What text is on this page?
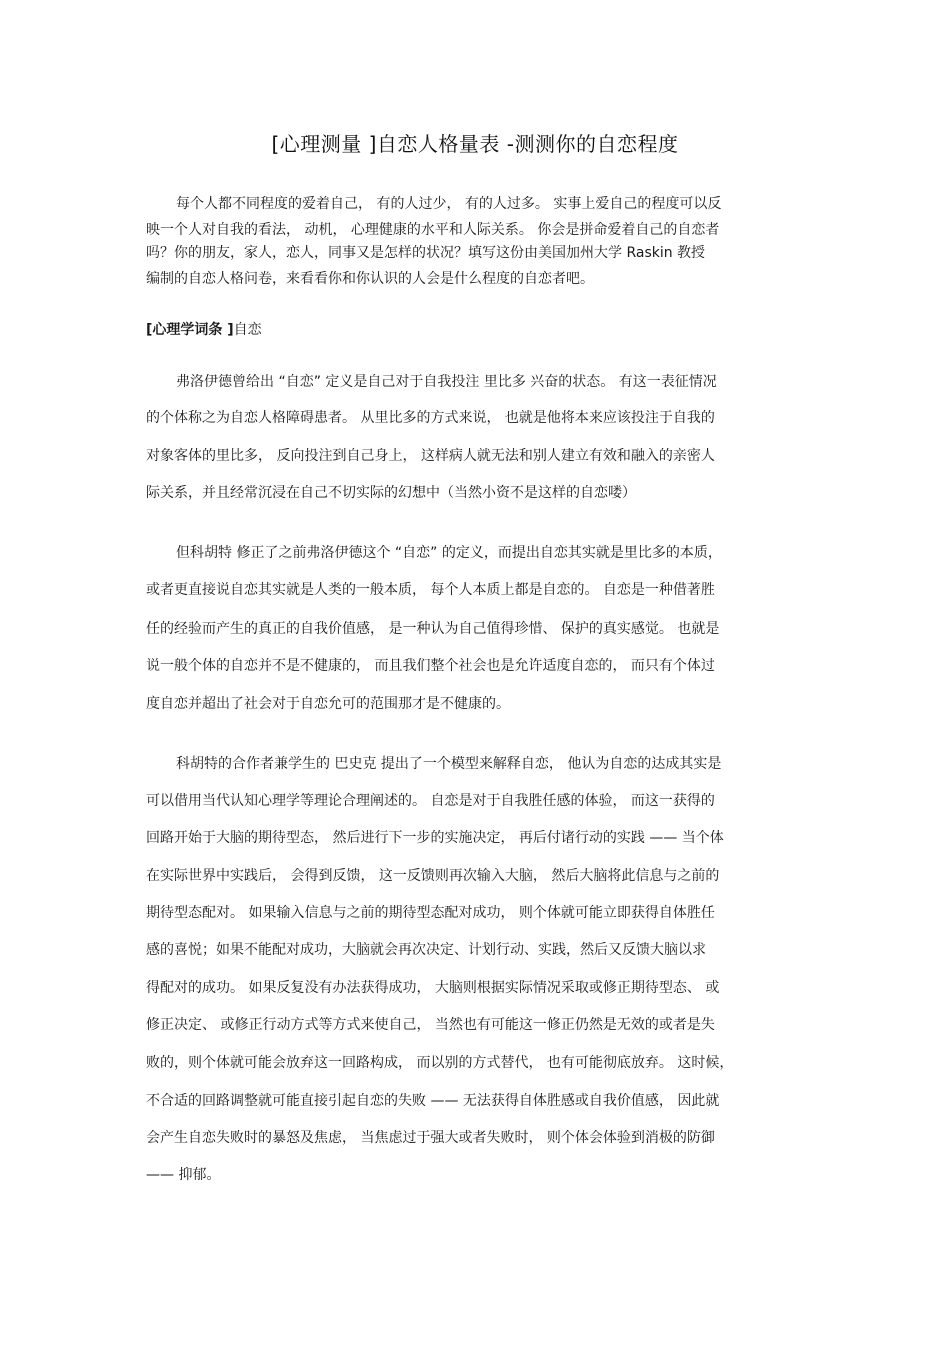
[心理测量 ]自恋人格量表 -测测你的自恋程度
每个人都不同程度的爱着自己， 有的人过少， 有的人过多。 实事上爱自己的程度可以反
映一个人对自我的看法， 动机， 心理健康的水平和人际关系。 你会是拼命爱着自己的自恋者
吗？你的朋友，家人，恋人，同事又是怎样的状况？填写这份由美国加州大学 Raskin 教授
编制的自恋人格问卷，来看看你和你认识的人会是什么程度的自恋者吧。
[心理学词条 ]自恋
弗洛伊德曾给出 “自恋” 定义是自己对于自我投注 里比多 兴奋的状态。 有这一表征情况
的个体称之为自恋人格障碍患者。 从里比多的方式来说， 也就是他将本来应该投注于自我的
对象客体的里比多， 反向投注到自己身上， 这样病人就无法和别人建立有效和融入的亲密人
际关系，并且经常沉浸在自己不切实际的幻想中（当然小资不是这样的自恋喽）
但科胡特 修正了之前弗洛伊德这个 “自恋” 的定义，而提出自恋其实就是里比多的本质，
或者更直接说自恋其实就是人类的一般本质， 每个人本质上都是自恋的。 自恋是一种借著胜
任的经验而产生的真正的自我价值感， 是一种认为自己值得珍惜、 保护的真实感觉。 也就是
说一般个体的自恋并不是不健康的， 而且我们整个社会也是允许适度自恋的， 而只有个体过
度自恋并超出了社会对于自恋允可的范围那才是不健康的。
科胡特的合作者兼学生的 巴史克 提出了一个模型来解释自恋， 他认为自恋的达成其实是
可以借用当代认知心理学等理论合理阐述的。 自恋是对于自我胜任感的体验， 而这一获得的
回路开始于大脑的期待型态， 然后进行下一步的实施决定， 再后付诸行动的实践 —— 当个体
在实际世界中实践后， 会得到反馈， 这一反馈则再次输入大脑， 然后大脑将此信息与之前的
期待型态配对。 如果输入信息与之前的期待型态配对成功， 则个体就可能立即获得自体胜任
感的喜悦；如果不能配对成功，大脑就会再次决定、计划行动、实践，然后又反馈大脑以求
得配对的成功。 如果反复没有办法获得成功， 大脑则根据实际情况采取或修正期待型态、 或
修正决定、 或修正行动方式等方式来使自己， 当然也有可能这一修正仍然是无效的或者是失
败的，则个体就可能会放弃这一回路构成， 而以别的方式替代， 也有可能彻底放弃。 这时候，
不合适的回路调整就可能直接引起自恋的失败 —— 无法获得自体胜感或自我价值感， 因此就
会产生自恋失败时的暴怒及焦虑， 当焦虑过于强大或者失败时， 则个体会体验到消极的防御
—— 抑郁。
